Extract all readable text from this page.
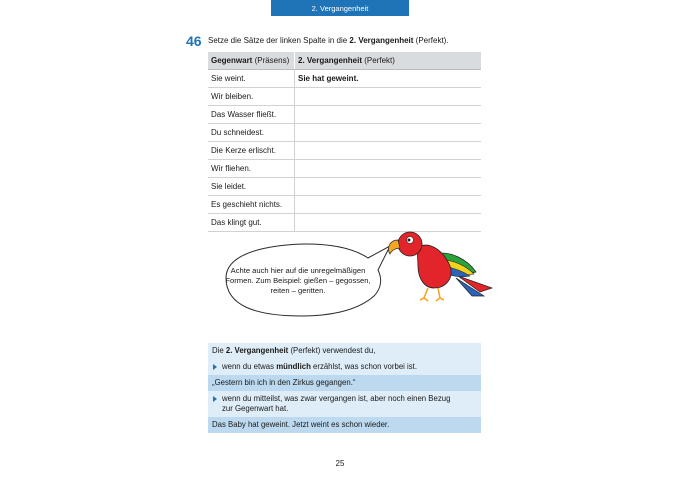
2. Vergangenheit
46 Setze die Sätze der linken Spalte in die 2. Vergangenheit (Perfekt).
Gegenwart (Präsens)	2. Vergangenheit (Perfekt)
Sie weint.	Sie hat geweint.
Wir bleiben.	
Das Wasser fließt.	
Du schneidest.	
Die Kerze erlischt.	
Wir fliehen.	
Sie leidet.	
Es geschieht nichts.	
Das klingt gut.	
Achte auch hier auf die unregelmäßigen
Formen. Zum Beispiel: gießen – gegossen,
reiten – geritten.
Die 2. Vergangenheit (Perfekt) verwendest du,
wenn du etwas mündlich erzählst, was schon vorbei ist.
„Gestern bin ich in den Zirkus gegangen.“
wenn du mitteilst, was zwar vergangen ist, aber noch einen Bezug
zur Gegenwart hat.
Das Baby hat geweint. Jetzt weint es schon wieder.
25
